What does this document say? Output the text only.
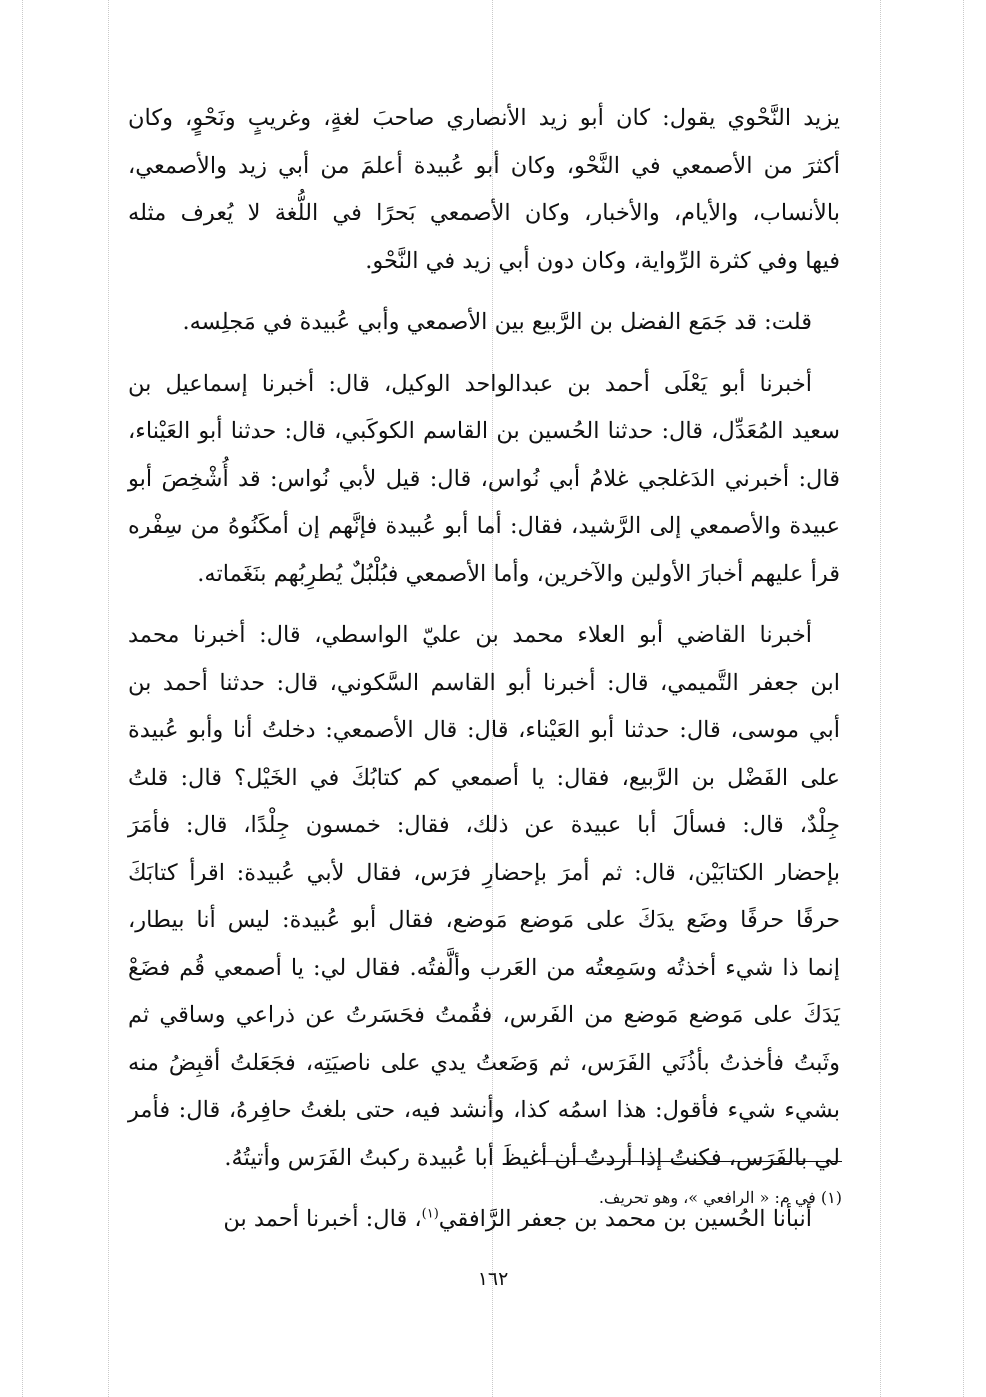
يزيد النَّحْوي يقول: كان أبو زيد الأنصاري صاحبَ لغةٍ، وغريبٍ ونَحْوٍ، وكان
أكثرَ من الأصمعي في النَّحْو، وكان أبو عُبيدة أعلمَ من أبي زيد والأصمعي،
بالأنساب، والأيام، والأخبار، وكان الأصمعي بَحرًا في اللُّغة لا يُعرف مثله
فيها وفي كثرة الرِّواية، وكان دون أبي زيد في النَّحْو.

قلت: قد جَمَع الفضل بن الرَّبيع بين الأصمعي وأبي عُبيدة في مَجلِسه.

أخبرنا أبو يَعْلَى أحمد بن عبدالواحد الوكيل، قال: أخبرنا إسماعيل بن
سعيد المُعَدِّل، قال: حدثنا الحُسين بن القاسم الكوكَبي، قال: حدثنا أبو العَيْناء،
قال: أخبرني الدَغلجي غلامُ أبي نُواس، قال: قيل لأبي نُواس: قد أُشْخِصَ أبو
عبيدة والأصمعي إلى الرَّشيد، فقال: أما أبو عُبيدة فإنَّهم إن أمكَنُوهُ من سِفْره
قرأ عليهم أخبارَ الأولين والآخرين، وأما الأصمعي فبُلْبُلٌ يُطرِبُهم بنَغَماته.

أخبرنا القاضي أبو العلاء محمد بن عليّ الواسطي، قال: أخبرنا محمد
ابن جعفر التَّميمي، قال: أخبرنا أبو القاسم السَّكوني، قال: حدثنا أحمد بن
أبي موسى، قال: حدثنا أبو العَيْناء، قال: قال الأصمعي: دخلتُ أنا وأبو عُبيدة
على الفَضْل بن الرَّبيع، فقال: يا أصمعي كم كتابُكَ في الخَيْل؟ قال: قلتُ
جِلْدٌ، قال: فسألَ أبا عبيدة عن ذلك، فقال: خمسون جِلْدًا، قال: فأمَرَ
بإحضار الكتابَيْن، قال: ثم أمرَ بإحضارِ فرَس، فقال لأبي عُبيدة: اقرأ كتابَكَ
حرفًا حرفًا وضَع يدَكَ على مَوضع مَوضع، فقال أبو عُبيدة: ليس أنا بيطار،
إنما ذا شيء أخذتُه وسَمِعتُه من العَرب وألَّفتُه. فقال لي: يا أصمعي قُم فضَعْ
يَدَكَ على مَوضع مَوضع من الفَرس، فقُمتُ فحَسَرتُ عن ذراعي وساقي ثم
وثَبتُ فأخذتُ بأذُنَي الفَرَس، ثم وَضَعتُ يدي على ناصيَتِه، فجَعَلتُ أقبِضُ منه
بشيء شيء فأقول: هذا اسمُه كذا، وأنشد فيه، حتى بلغتُ حافِرهُ، قال: فأمر
لي بالفَرَس، فكنتُ إذا أردتُ أن أغيظَ أبا عُبيدة ركبتُ الفَرَس وأتيتُهُ.

أنبأنا الحُسين بن محمد بن جعفر الرَّافقي$^{(١)}$، قال: أخبرنا أحمد بن

(١) في م: « الرافعي »، وهو تحريف.
١٦٢
